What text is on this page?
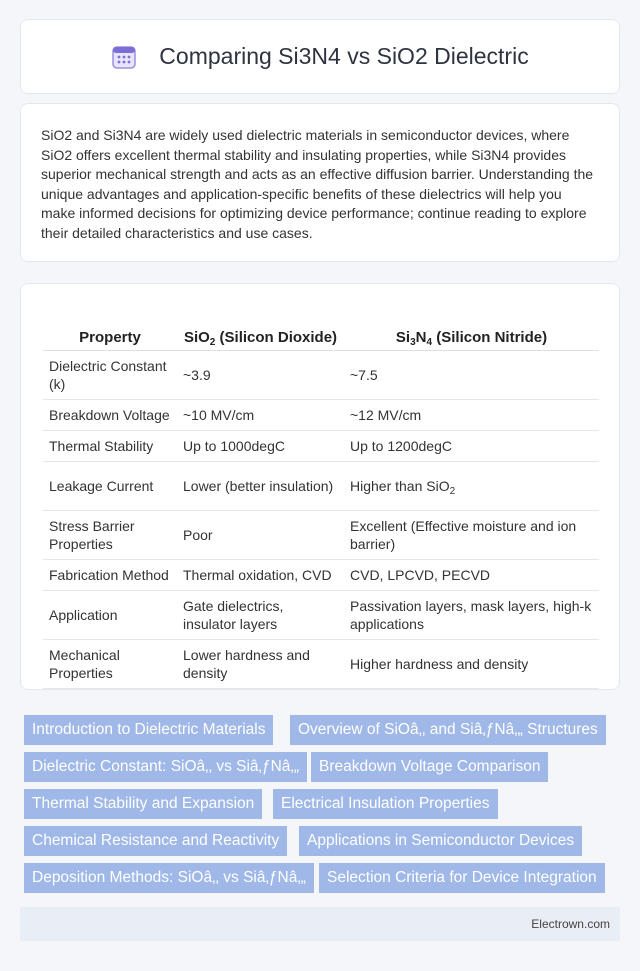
Comparing Si3N4 vs SiO2 Dielectric

SiO2 and Si3N4 are widely used dielectric materials in semiconductor devices, where SiO2 offers excellent thermal stability and insulating properties, while Si3N4 provides superior mechanical strength and acts as an effective diffusion barrier. Understanding the unique advantages and application-specific benefits of these dielectrics will help you make informed decisions for optimizing device performance; continue reading to explore their detailed characteristics and use cases.

Property	SiO$_2$ (Silicon Dioxide)	$Si_3N_4$ (Silicon Nitride)
Dielectric Constant (k)	~3.9	~7.5
Breakdown Voltage	~10 MV/cm	~12 MV/cm
Thermal Stability	Up to 1000degC	Up to 1200degC
Leakage Current	Lower (better insulation)	Higher than SiO$_2$
Stress Barrier Properties	Poor	Excellent (Effective moisture and ion barrier)
Fabrication Method	Thermal oxidation, CVD	CVD, LPCVD, PECVD
Application	Gate dielectrics, insulator layers	Passivation layers, mask layers, high-k applications
Mechanical Properties	Lower hardness and density	Higher hardness and density
Introduction to Dielectric Materials	Overview of SiOâ‚‚ and Siâ‚ƒNâ‚„ Structures
Dielectric Constant: SiOâ‚‚ vs Siâ‚ƒNâ‚„	Breakdown Voltage Comparison
Thermal Stability and Expansion	Electrical Insulation Properties
Chemical Resistance and Reactivity	Applications in Semiconductor Devices
Deposition Methods: SiOâ‚‚ vs Siâ‚ƒNâ‚„	Selection Criteria for Device Integration
Electrown.com
